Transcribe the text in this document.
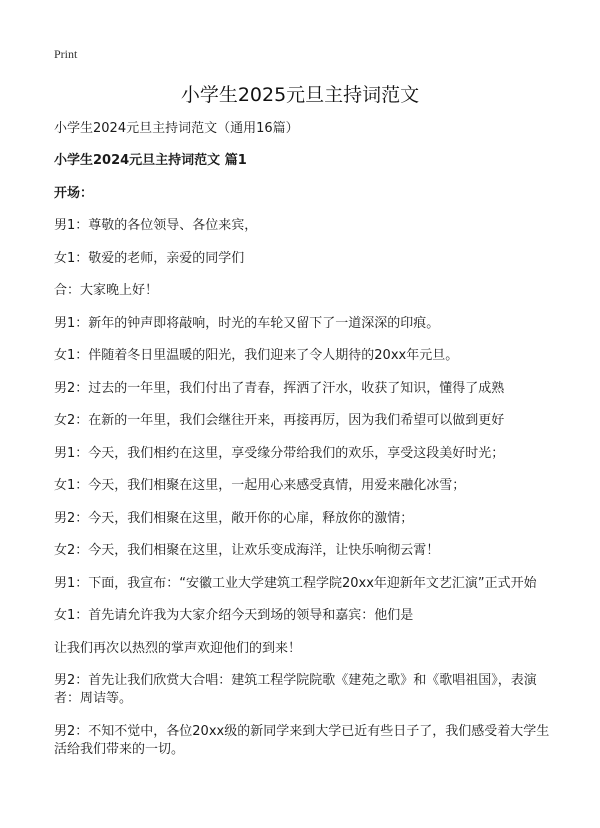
Print
小学生2025元旦主持词范文

小学生2024元旦主持词范文（通用16篇）

小学生2024元旦主持词范文 篇1

开场：

男1：尊敬的各位领导、各位来宾，

女1：敬爱的老师，亲爱的同学们

合：大家晚上好！

男1：新年的钟声即将敲响，时光的车轮又留下了一道深深的印痕。

女1：伴随着冬日里温暖的阳光，我们迎来了令人期待的20xx年元旦。

男2：过去的一年里，我们付出了青春，挥洒了汗水，收获了知识，懂得了成熟

女2：在新的一年里，我们会继往开来，再接再厉，因为我们希望可以做到更好

男1：今天，我们相约在这里，享受缘分带给我们的欢乐，享受这段美好时光；

女1：今天，我们相聚在这里，一起用心来感受真情，用爱来融化冰雪；

男2：今天，我们相聚在这里，敞开你的心扉，释放你的激情；

女2：今天，我们相聚在这里，让欢乐变成海洋，让快乐响彻云霄！

男1：下面，我宣布：“安徽工业大学建筑工程学院20xx年迎新年文艺汇演”正式开始

女1：首先请允许我为大家介绍今天到场的领导和嘉宾：他们是

让我们再次以热烈的掌声欢迎他们的到来！

男2：首先让我们欣赏大合唱：建筑工程学院院歌《建苑之歌》和《歌唱祖国》，表演者：周诘等。

男2：不知不觉中，各位20xx级的新同学来到大学已近有些日子了，我们感受着大学生活给我们带来的一切。
